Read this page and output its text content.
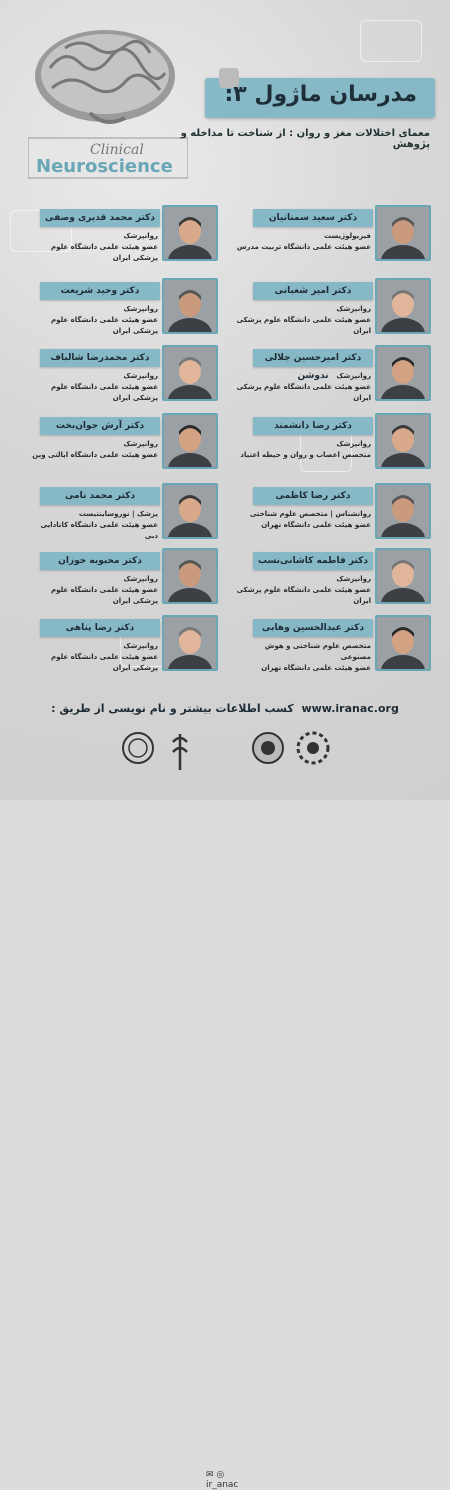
Clinical
Neuroscience
مدرسان ماژول ۳:
معمای اختلالات مغز و روان : از شناخت تا مداخله و پژوهش
دکتر محمد قدیری وصفی
روانپزشک
عضو هیئت علمی دانشگاه علوم پزشکی ایران
دکتر وحید شریعت
روانپزشک
عضو هیئت علمی دانشگاه علوم پزشکی ایران
دکتر محمدرضا شالباف
روانپزشک
عضو هیئت علمی دانشگاه علوم پزشکی ایران
دکتر آرش جوان‌بخت
روانپزشک
عضو هیئت علمی دانشگاه اپالتی وین
دکتر محمد نامی
پزشک | نوروساینتیست
عضو هیئت علمی دانشگاه کانادایی دبی
دکتر محبوبه خوزان
روانپزشک
عضو هیئت علمی دانشگاه علوم پزشکی ایران
دکتر رضا پناهی
روانپزشک
عضو هیئت علمی دانشگاه علوم پزشکی ایران
دکتر سعید سمنانیان
فیزیولوژیست
عضو هیئت علمی دانشگاه تربیت مدرس
دکتر امیر شعبانی
روانپزشک
عضو هیئت علمی دانشگاه علوم پزشکی ایران
دکتر امیرحسین جلالی ندوشن	روانپزشک
عضو هیئت علمی دانشگاه علوم پزشکی ایران
دکتر رضا دانشمند
روانپزشک
متخصص اعصاب و روان و حیطه اعتیاد
دکتر رضا کاظمی
روانشناس | متخصص علوم شناختی
عضو هیئت علمی دانشگاه تهران
دکتر فاطمه کاشانی‌نسب
روانپزشک
عضو هیئت علمی دانشگاه علوم پزشکی ایران
دکتر عبدالحسین وهابی
متخصص علوم شناختی و هوش مصنوعی
عضو هیئت علمی دانشگاه تهران
www.iranac.org  کسب اطلاعات بیشتر و نام نویسی از طریق :
✉ ◎
ir_anac
